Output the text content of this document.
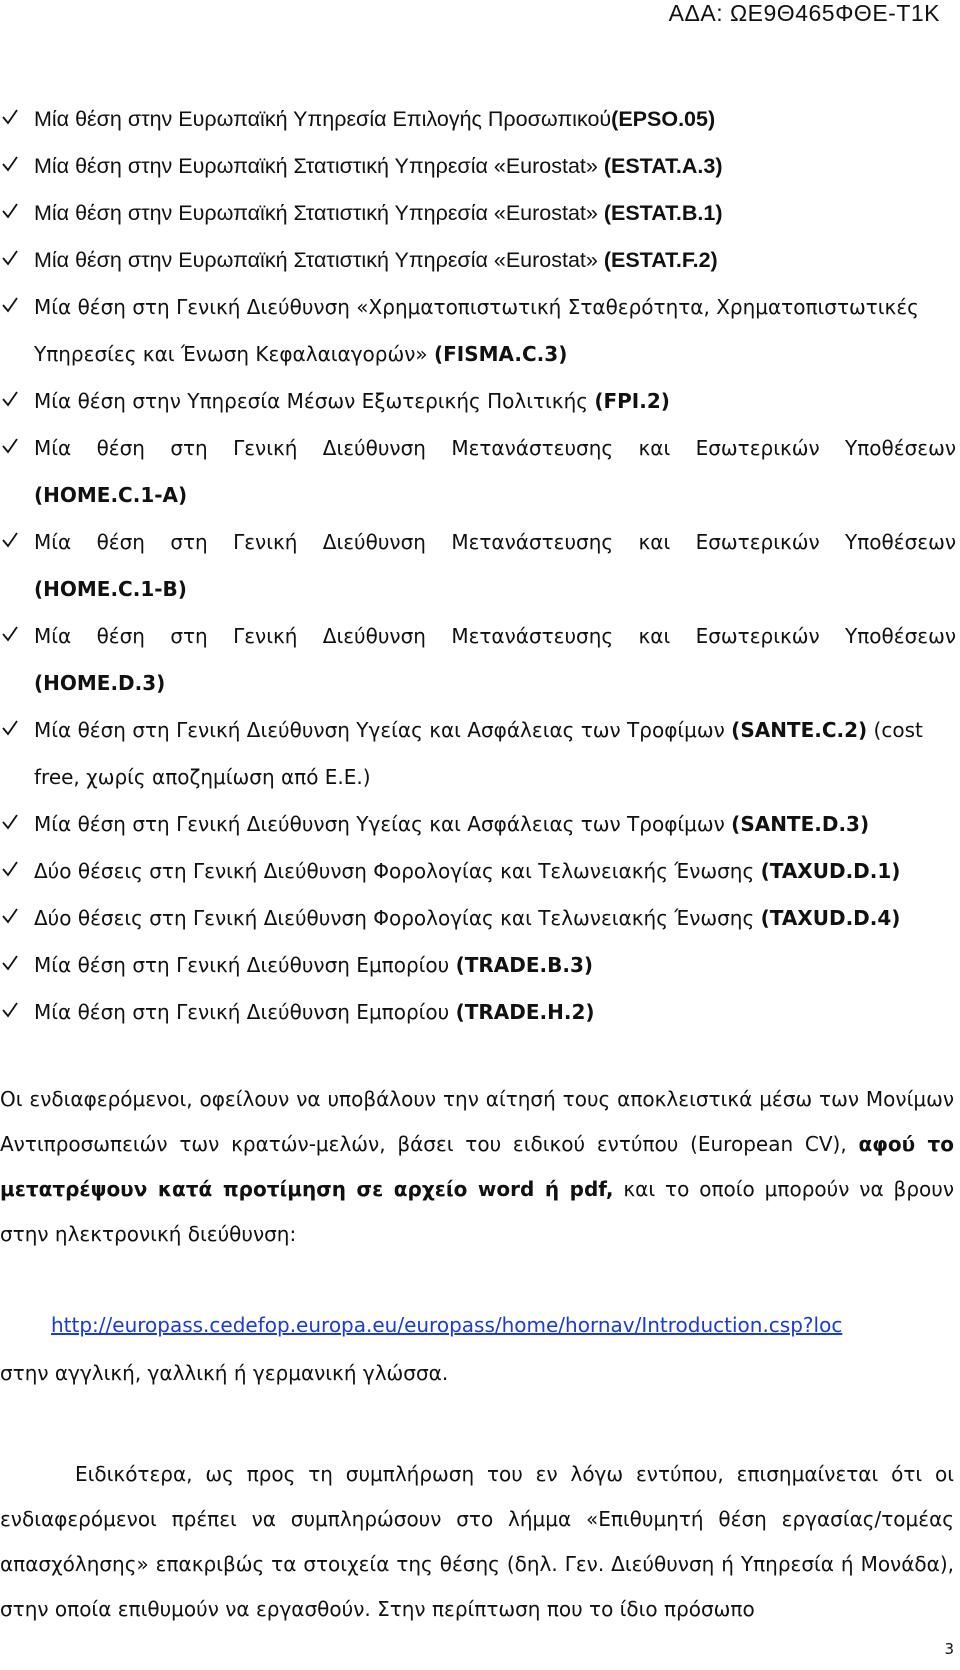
ΑΔΑ: ΩΕ9Θ465ΦΘΕ-Τ1Κ
Μία θέση στην Ευρωπαϊκή Υπηρεσία Επιλογής Προσωπικού(EPSO.05)
Μία θέση στην Ευρωπαϊκή Στατιστική Υπηρεσία «Eurostat» (ESTAT.A.3)
Μία θέση στην Ευρωπαϊκή Στατιστική Υπηρεσία «Eurostat» (ESTAT.B.1)
Μία θέση στην Ευρωπαϊκή Στατιστική Υπηρεσία «Eurostat» (ESTAT.F.2)
Μία θέση στη Γενική Διεύθυνση «Χρηματοπιστωτική Σταθερότητα, Χρηματοπιστωτικές Υπηρεσίες και Ένωση Κεφαλαιαγορών» (FISMA.C.3)
Μία θέση στην Υπηρεσία Μέσων Εξωτερικής Πολιτικής (FPI.2)
Μία θέση στη Γενική Διεύθυνση Μετανάστευσης και Εσωτερικών Υποθέσεων
(HOME.C.1-A)
Μία θέση στη Γενική Διεύθυνση Μετανάστευσης και Εσωτερικών Υποθέσεων
(HOME.C.1-B)
Μία θέση στη Γενική Διεύθυνση Μετανάστευσης και Εσωτερικών Υποθέσεων
(HOME.D.3)
Μία θέση στη Γενική Διεύθυνση Υγείας και Ασφάλειας των Τροφίμων (SANTE.C.2) (cost free, χωρίς αποζημίωση από Ε.Ε.)
Μία θέση στη Γενική Διεύθυνση Υγείας και Ασφάλειας των Τροφίμων (SANTE.D.3)
Δύο θέσεις στη Γενική Διεύθυνση Φορολογίας και Τελωνειακής Ένωσης (TAXUD.D.1)
Δύο θέσεις στη Γενική Διεύθυνση Φορολογίας και Τελωνειακής Ένωσης (TAXUD.D.4)
Μία θέση στη Γενική Διεύθυνση Εμπορίου (TRADE.B.3)
Μία θέση στη Γενική Διεύθυνση Εμπορίου (TRADE.H.2)
Οι ενδιαφερόμενοι, οφείλουν να υποβάλουν την αίτησή τους αποκλειστικά μέσω των Μονίμων Αντιπροσωπειών των κρατών-μελών, βάσει του ειδικού εντύπου (European CV), αφού το μετατρέψουν κατά προτίμηση σε αρχείο word ή pdf, και το οποίο μπορούν να βρουν στην ηλεκτρονική διεύθυνση:
http://europass.cedefop.europa.eu/europass/home/hornav/Introduction.csp?loc
στην αγγλική, γαλλική ή γερμανική γλώσσα.
Ειδικότερα, ως προς τη συμπλήρωση του εν λόγω εντύπου, επισημαίνεται ότι οι ενδιαφερόμενοι πρέπει να συμπληρώσουν στο λήμμα «Επιθυμητή θέση εργασίας/τομέας απασχόλησης» επακριβώς τα στοιχεία της θέσης (δηλ. Γεν. Διεύθυνση ή Υπηρεσία ή Μονάδα), στην οποία επιθυμούν να εργασθούν. Στην περίπτωση που το ίδιο πρόσωπο
3
